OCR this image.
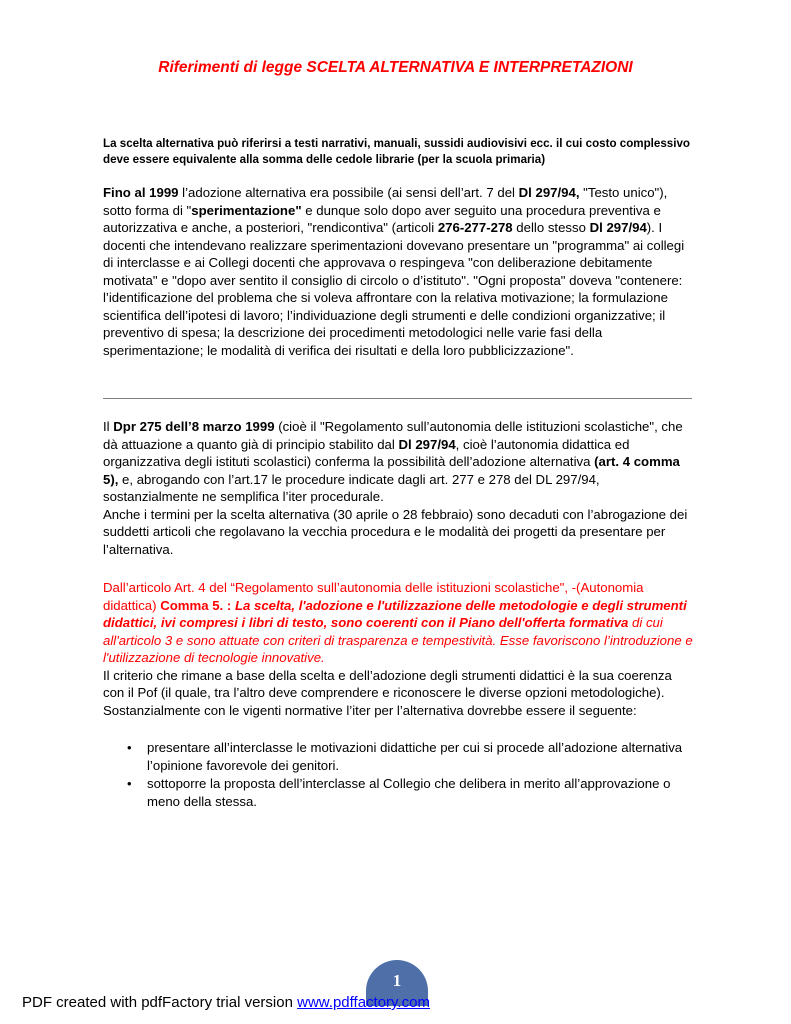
Riferimenti di legge SCELTA ALTERNATIVA E INTERPRETAZIONI
La scelta alternativa può riferirsi a testi narrativi, manuali, sussidi audiovisivi ecc. il cui costo complessivo deve essere equivalente alla somma delle cedole librarie (per la scuola primaria)
Fino al 1999 l’adozione alternativa era possibile (ai sensi dell’art. 7 del Dl 297/94, "Testo unico"), sotto forma di "sperimentazione" e dunque solo dopo aver seguito una procedura preventiva e autorizzativa e anche, a posteriori, "rendicontiva" (articoli 276-277-278 dello stesso Dl 297/94). I docenti che intendevano realizzare sperimentazioni dovevano presentare un "programma" ai collegi di interclasse e ai Collegi docenti che approvava o respingeva "con deliberazione debitamente motivata" e "dopo aver sentito il consiglio di circolo o d’istituto". "Ogni proposta" doveva "contenere: l’identificazione del problema che si voleva affrontare con la relativa motivazione; la formulazione scientifica dell’ipotesi di lavoro; l’individuazione degli strumenti e delle condizioni organizzative; il preventivo di spesa; la descrizione dei procedimenti metodologici nelle varie fasi della sperimentazione; le modalità di verifica dei risultati e della loro pubblicizzazione".
Il Dpr 275 dell’8 marzo 1999 (cioè il "Regolamento sull’autonomia delle istituzioni scolastiche", che dà attuazione a quanto già di principio stabilito dal Dl 297/94, cioè l’autonomia didattica ed organizzativa degli istituti scolastici) conferma la possibilità dell’adozione alternativa (art. 4 comma 5), e, abrogando con l’art.17 le procedure indicate dagli art. 277 e 278 del DL 297/94, sostanzialmente ne semplifica l’iter procedurale.
Anche i termini per la scelta alternativa (30 aprile o 28 febbraio) sono decaduti con l’abrogazione dei suddetti articoli che regolavano la vecchia procedura e le modalità dei progetti da presentare per l’alternativa.
Dall’articolo Art. 4 del “Regolamento sull’autonomia delle istituzioni scolastiche", -(Autonomia didattica) Comma 5. : La scelta, l'adozione e l'utilizzazione delle metodologie e degli strumenti didattici, ivi compresi i libri di testo, sono coerenti con il Piano dell'offerta formativa di cui all'articolo 3 e sono attuate con criteri di trasparenza e tempestività. Esse favoriscono l’introduzione e l'utilizzazione di tecnologie innovative.
Il criterio che rimane a base della scelta e dell’adozione degli strumenti didattici è la sua coerenza con il Pof (il quale, tra l’altro deve comprendere e riconoscere le diverse opzioni metodologiche).
Sostanzialmente con le vigenti normative l’iter per l’alternativa dovrebbe essere il seguente:
• presentare all’interclasse le motivazioni didattiche per cui si procede all’adozione alternativa l’opinione favorevole dei genitori.
• sottoporre la proposta dell’interclasse al Collegio che delibera in merito all’approvazione o meno della stessa.
1
PDF created with pdfFactory trial version www.pdffactory.com
